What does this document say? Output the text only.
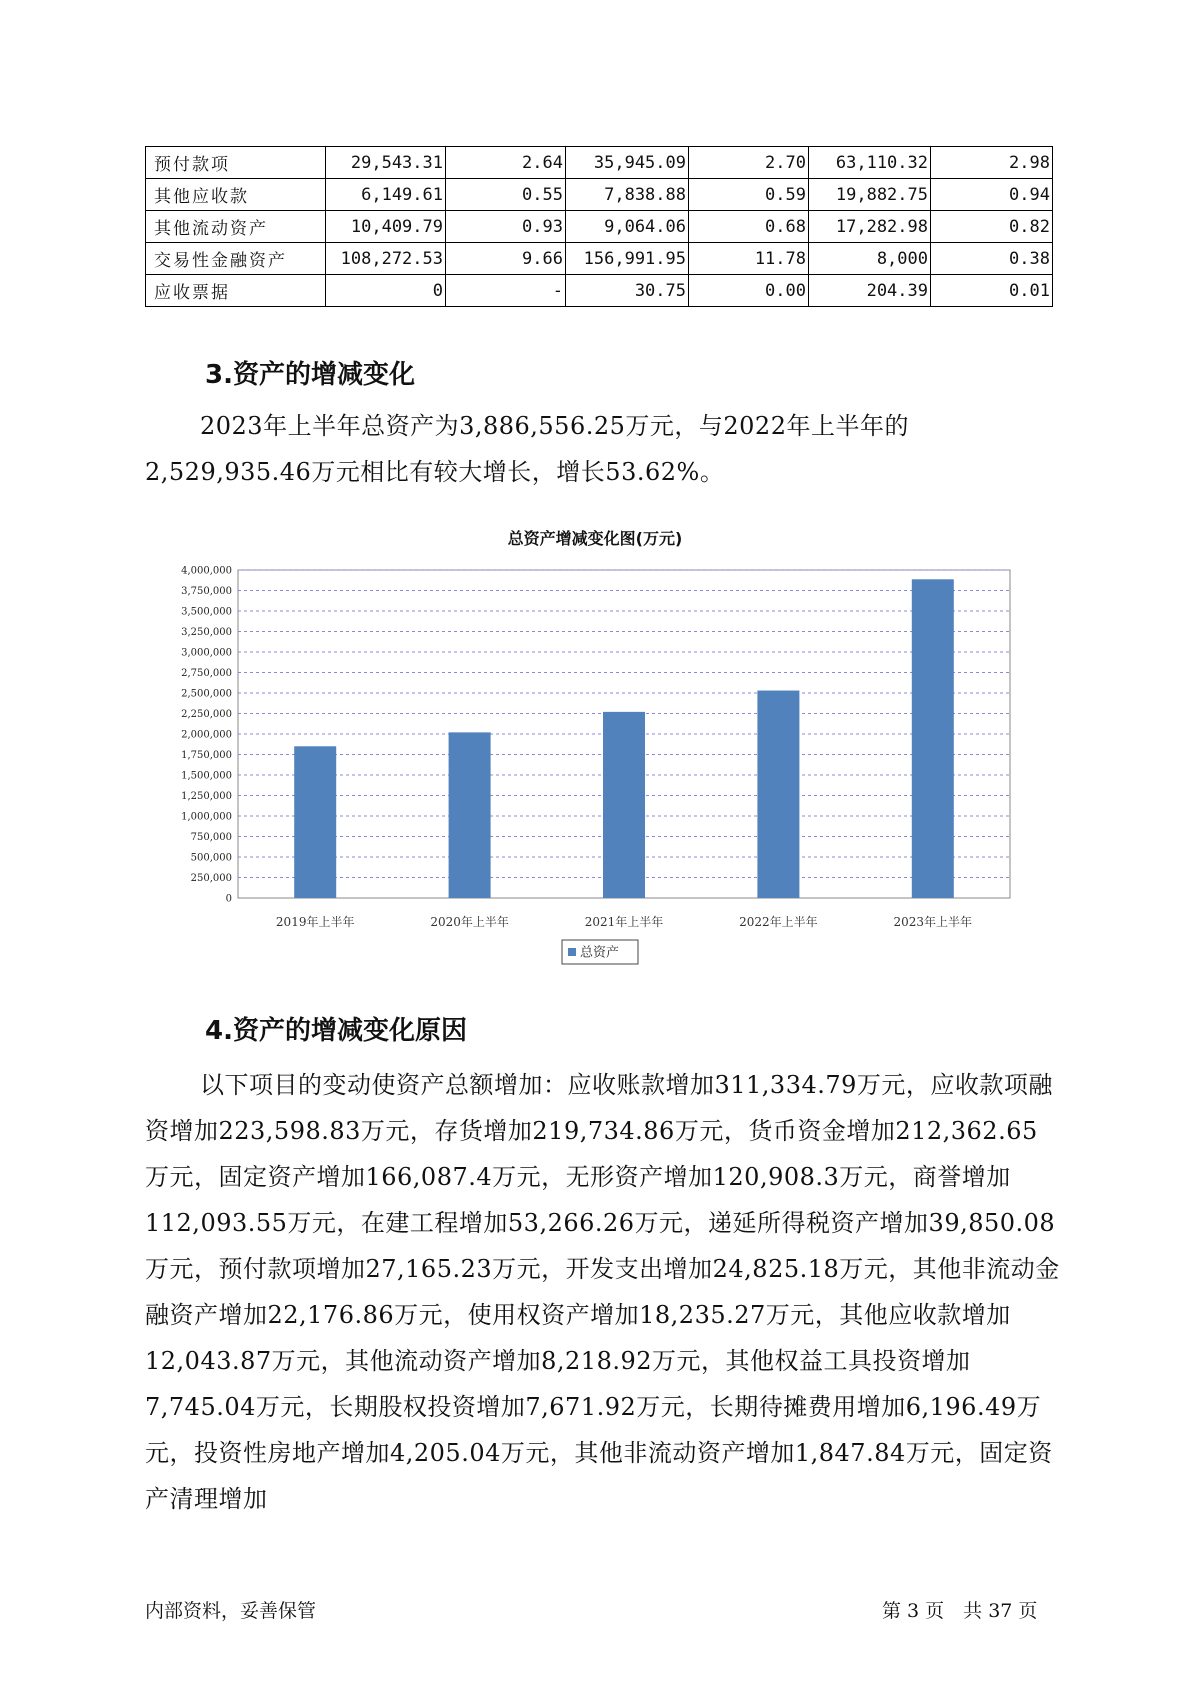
预付款项	29,543.31	2.64	35,945.09	2.70	63,110.32	2.98
其他应收款	6,149.61	0.55	7,838.88	0.59	19,882.75	0.94
其他流动资产	10,409.79	0.93	9,064.06	0.68	17,282.98	0.82
交易性金融资产	108,272.53	9.66	156,991.95	11.78	8,000	0.38
应收票据	0	-	30.75	0.00	204.39	0.01
3.资产的增减变化

2023年上半年总资产为3,886,556.25万元，与2022年上半年的2,529,935.46万元相比有较大增长，增长53.62%。

总资产增减变化图(万元)
0
250,000
500,000
750,000
1,000,000
1,250,000
1,500,000
1,750,000
2,000,000
2,250,000
2,500,000
2,750,000
3,000,000
3,250,000
3,500,000
3,750,000
4,000,000
2019年上半年	2020年上半年	2021年上半年	2022年上半年	2023年上半年
总资产
4.资产的增减变化原因

以下项目的变动使资产总额增加：应收账款增加311,334.79万元，应收款项融资增加223,598.83万元，存货增加219,734.86万元，货币资金增加212,362.65万元，固定资产增加166,087.4万元，无形资产增加120,908.3万元，商誉增加112,093.55万元，在建工程增加53,266.26万元，递延所得税资产增加39,850.08万元，预付款项增加27,165.23万元，开发支出增加24,825.18万元，其他非流动金融资产增加22,176.86万元，使用权资产增加18,235.27万元，其他应收款增加12,043.87万元，其他流动资产增加8,218.92万元，其他权益工具投资增加7,745.04万元，长期股权投资增加7,671.92万元，长期待摊费用增加6,196.49万元，投资性房地产增加4,205.04万元，其他非流动资产增加1,847.84万元，固定资产清理增加

内部资料，妥善保管	第 3 页　共 37 页
